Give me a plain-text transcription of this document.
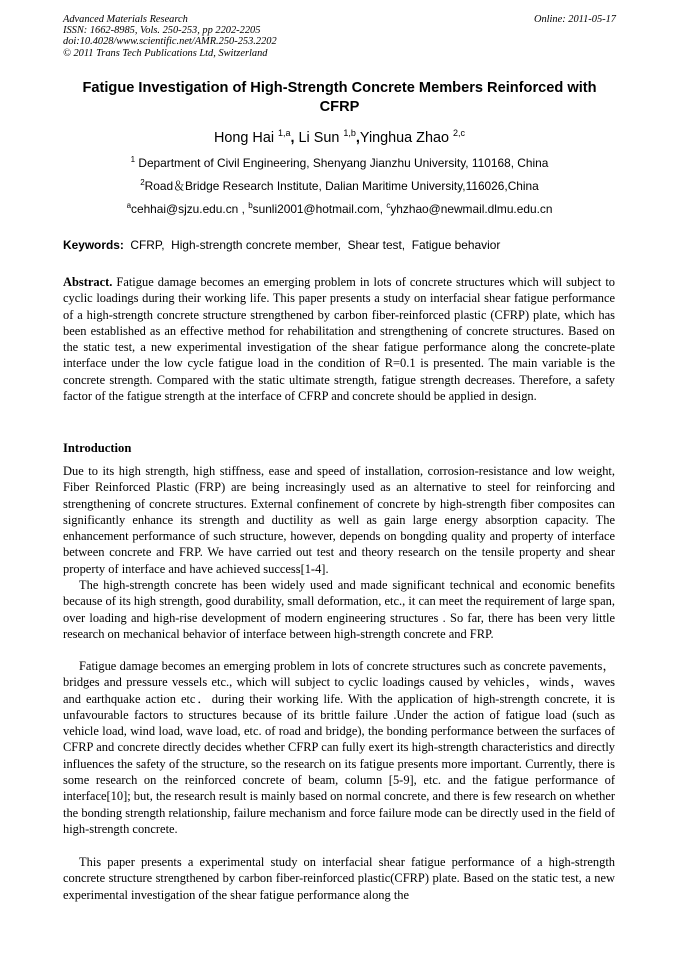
Advanced Materials Research
ISSN: 1662-8985, Vols. 250-253, pp 2202-2205
doi:10.4028/www.scientific.net/AMR.250-253.2202
© 2011 Trans Tech Publications Ltd, Switzerland
Online: 2011-05-17
Fatigue Investigation of High-Strength Concrete Members Reinforced with CFRP
Hong Hai $^{1,a}$, Li Sun $^{1,b}$,Yinghua Zhao $^{2,c}$
$^1$ Department of Civil Engineering, Shenyang Jianzhu University, 110168, China
$^2$Road＆Bridge Research Institute, Dalian Maritime University,116026,China
$^a$cehhai@sjzu.edu.cn , $^b$sunli2001@hotmail.com, $^c$yhzhao@newmail.dlmu.edu.cn
Keywords:  CFRP,  High-strength concrete member,  Shear test,  Fatigue behavior
Abstract. Fatigue damage becomes an emerging problem in lots of concrete structures which will subject to cyclic loadings during their working life. This paper presents a study on interfacial shear fatigue performance of a high-strength concrete structure strengthened by carbon fiber-reinforced plastic (CFRP) plate, which has been established as an effective method for rehabilitation and strengthening of concrete structures. Based on the static test, a new experimental investigation of the shear fatigue performance along the concrete-plate interface under the low cycle fatigue load in the condition of R=0.1 is presented. The main variable is the concrete strength. Compared with the static ultimate strength, fatigue strength decreases. Therefore, a safety factor of the fatigue strength at the interface of CFRP and concrete should be applied in design.
Introduction
Due to its high strength, high stiffness, ease and speed of installation, corrosion-resistance and low weight, Fiber Reinforced Plastic (FRP) are being increasingly used as an alternative to steel for reinforcing and strengthening of concrete structures. External confinement of concrete by high-strength fiber composites can significantly enhance its strength and ductility as well as gain large energy absorption capacity. The enhancement performance of such structure, however, depends on bongding quality and property of interface between concrete and FRP. We have carried out test and theory research on the tensile property and shear property of interface and have achieved success[1-4].
The high-strength concrete has been widely used and made significant technical and economic benefits because of its high strength, good durability, small deformation, etc., it can meet the requirement of large span, over loading and high-rise development of modern engineering structures . So far, there has been very little research on mechanical behavior of interface between high-strength concrete and FRP.
Fatigue damage becomes an emerging problem in lots of concrete structures such as concrete pavements，bridges and pressure vessels etc., which will subject to cyclic loadings caused by vehicles，winds，waves and earthquake action etc．during their working life. With the application of high-strength concrete, it is unfavourable factors to structures because of its brittle failure .Under the action of fatigue load (such as vehicle load, wind load, wave load, etc. of road and bridge), the bonding performance between the surfaces of CFRP and concrete directly decides whether CFRP can fully exert its high-strength characteristics and directly influences the safety of the structure, so the research on its fatigue presents more important. Currently, there is some research on the reinforced concrete of beam, column [5-9], etc. and the fatigue performance of interface[10]; but, the research result is mainly based on normal concrete, and there is few research on whether the bonding strength relationship, failure mechanism and force failure mode can be directly used in the field of high-strength concrete.
This paper presents a experimental study on interfacial shear fatigue performance of a high-strength concrete structure strengthened by carbon fiber-reinforced plastic(CFRP) plate. Based on the static test, a new experimental investigation of the shear fatigue performance along the
